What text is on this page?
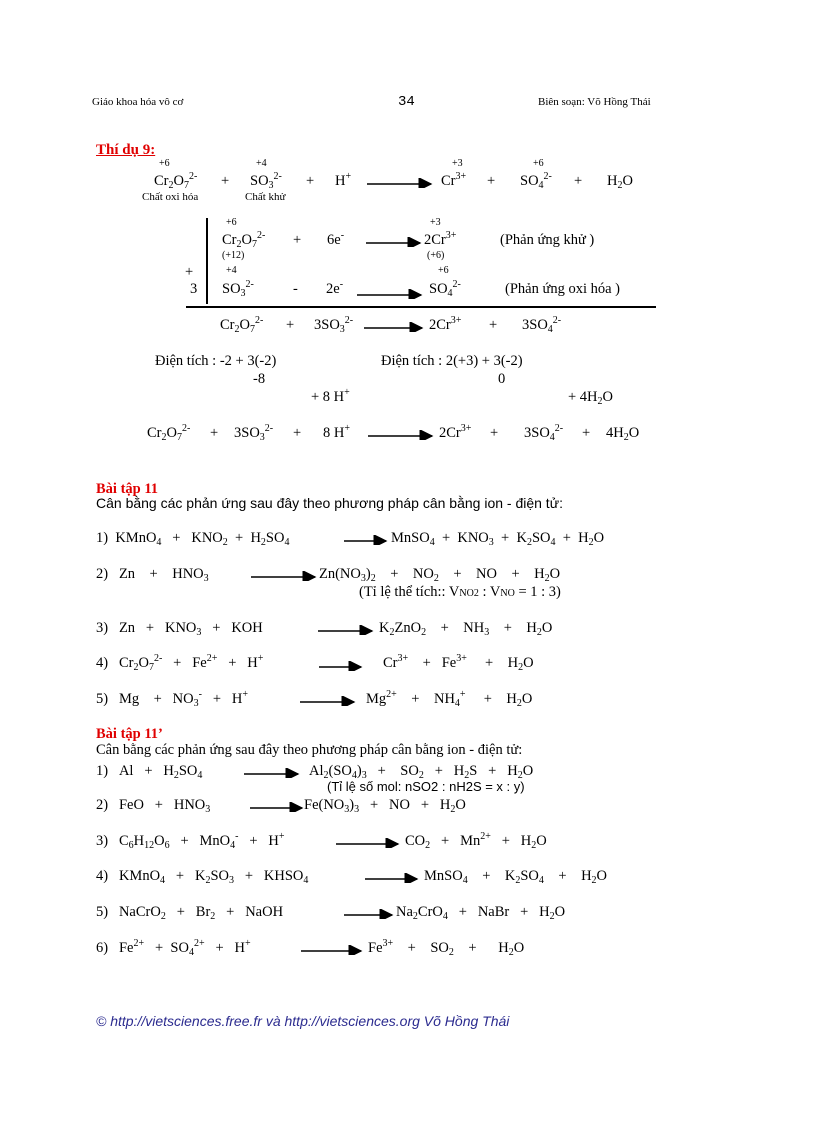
Giáo khoa hóa vô cơ	34	Biên soạn: Võ Hồng Thái
Thí dụ 9:
+6	+4	+3	+6
$Cr_2O_7^{2-} + SO_3^{2-} + H^+$	$Cr^{3+} + SO_4^{2-} + H_2O$
Chất oxi hóa	Chất khử
+6	+3
$Cr_2O_7^{2-} + 6e^- \to 2Cr^{3+}$	(Phản ứng khử )
(+12)	(+6)
+	+4	+6
3 $SO_3^{2-}$	- 2e-	$SO_4^{2-}$	(Phản ứng oxi hóa )
$Cr_2O_7^{2-} + 3SO_3^{2-} \to 2Cr^{3+} + 3SO_4^{2-}$
Điện tích : -2 + 3(-2)
-8
Điện tích : 2(+3) + 3(-2)
0
+ 8 H+	+ $4H_2O$
$Cr_2O_7^{2-} + 3SO_3^{2-} + 8$ H+	$2Cr^{3+} + 3SO_4^{2-} + 4H_2O$
Bài tập 11
Cân bằng các phản ứng sau đây theo phương pháp cân bằng ion - điện tử:
1)  KMnO$_4$   +   $KNO_2 + H_2SO_4$	→ MnSO$_4$  +  $KNO_3 + K_2SO_4 + H_2O$
2)   Zn    +    $HNO_3$	$Zn(NO_3)_2$    +    $NO_2$    +    NO    +    $H_2O$
(Tỉ lệ thể tích:: VNO2 : VNO = 1 : 3)
3)   $Zn + KNO_3$   +   KOH	→ $K_2ZnO_2$    +    $NH_3$    +    $H_2O$
4)   $Cr_2O_7^{2-} + Fe^{2+} + H^+ \to Cr^{3+}$    +   $Fe^{3+}$     +    $H_2O$
5)   Mg    +   $NO_3^- + H^+ \to Mg^{2+}$    +    $NH_4^+$     +    $H_2O$
Bài tập 11’
Cân bằng các phản ứng sau đây theo phương pháp cân bằng ion - điện tử:
1)   $Al + H_2SO_4$	→ $Al_2(SO_4)_3$   +    $SO_2 + H_2S + H_2O$
(Tỉ lệ số mol: nSO2 : nH2S = x : y)
2)   FeO   +   $HNO_3$	→ $Fe(NO_3)_3$   +   NO   +   $H_2O$
3)   $C_6H_{12}O_6 + MnO_4^- + H^+$	$CO_2 + Mn^{2+} + H_2O$
4)   KMnO$_4$   +   $K_2SO_3$   +   $KHSO_4$	→ MnSO$_4$    +    $K_2SO_4$    +    $H_2O$
5)   NaCrO$_2$   +   $Br_2$   +   NaOH	→ $Na_2CrO_4$   +   NaBr   +   $H_2O$
6)   $Fe^{2+} + SO_4^{2+} + H^+$	$Fe^{3+}$    +    $SO_2$    +      $H_2O$
© http://vietsciences.free.fr và http://vietsciences.org Võ Hồng Thái
